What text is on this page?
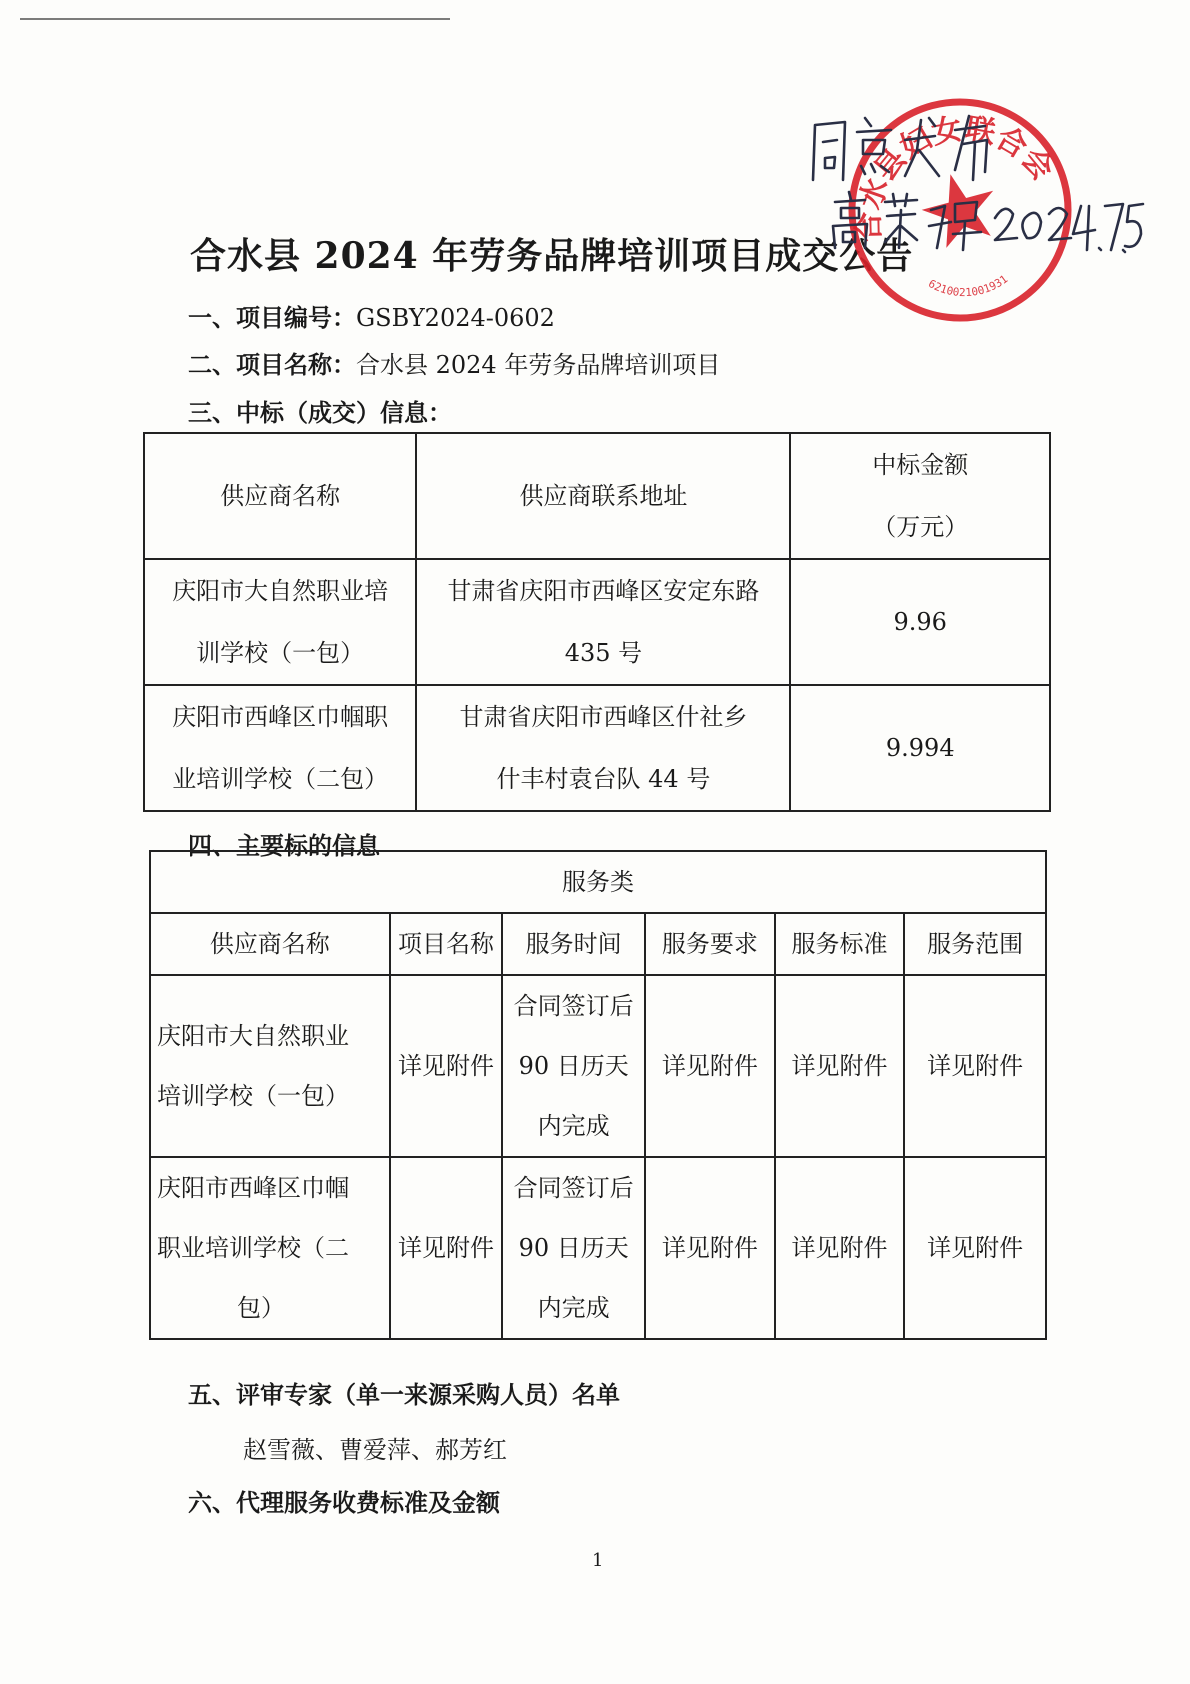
合水县 2024 年劳务品牌培训项目成交公告
一、项目编号：GSBY2024-0602
二、项目名称：合水县 2024 年劳务品牌培训项目
三、中标（成交）信息：
供应商名称	供应商联系地址	中标金额
（万元）
庆阳市大自然职业培
训学校（一包）	甘肃省庆阳市西峰区安定东路
435 号	9.96
庆阳市西峰区巾帼职
业培训学校（二包）	甘肃省庆阳市西峰区什社乡
什丰村袁台队 44 号	9.994
四、主要标的信息
服务类					
供应商名称	项目名称	服务时间	服务要求	服务标准	服务范围
庆阳市大自然职业
培训学校（一包）	详见附件	合同签订后
90 日历天
内完成	详见附件	详见附件	详见附件
庆阳市西峰区巾帼
职业培训学校（二
包）	详见附件	合同签订后
90 日历天
内完成	详见附件	详见附件	详见附件
五、评审专家（单一来源采购人员）名单
赵雪薇、曹爱萍、郝芳红
六、代理服务收费标准及金额
1
合水县妇女联合会
6210021001931
